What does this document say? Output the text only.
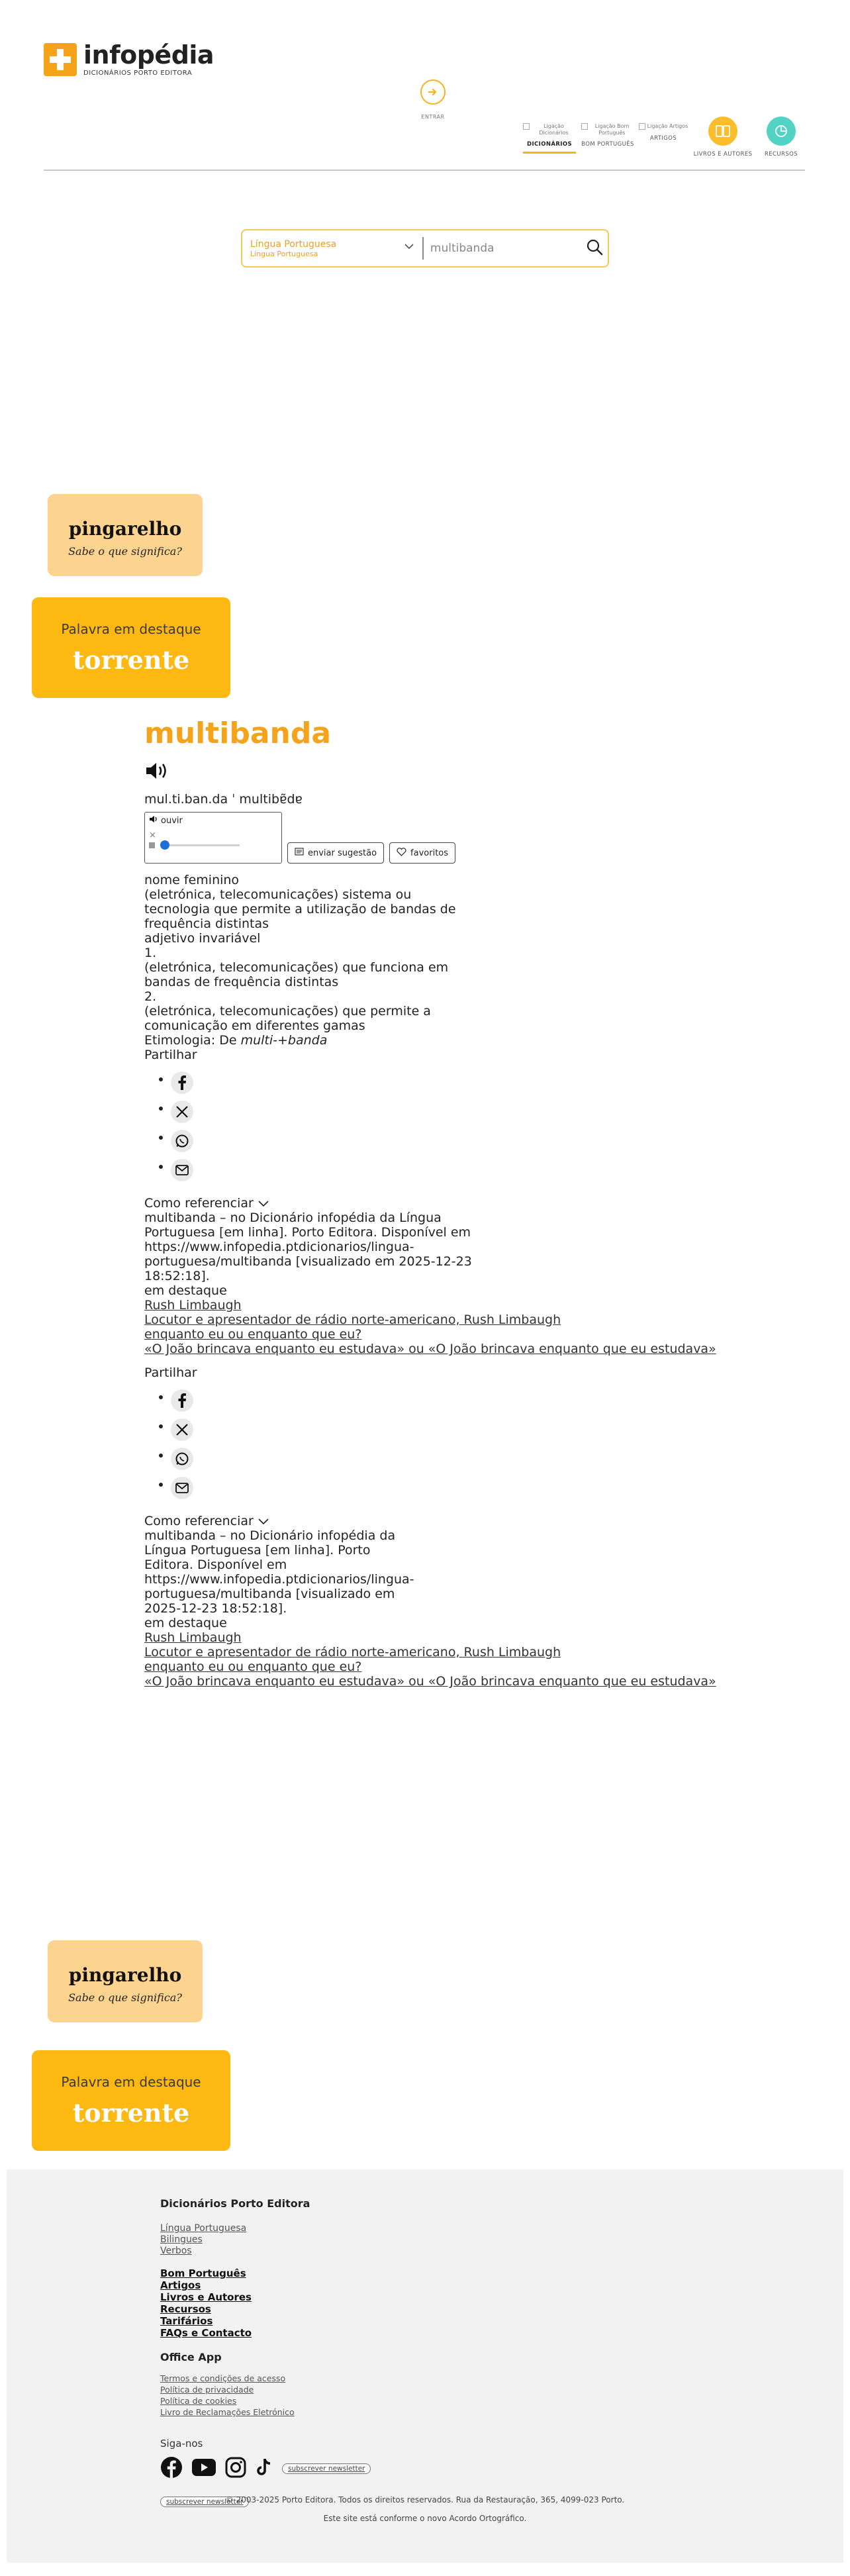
infopédia
DICIONÁRIOS PORTO EDITORA
ENTRAR
Ligação Dicionários
DICIONÁRIOS
Ligação Bom Português
BOM PORTUGUÊS
Ligação Artigos
ARTIGOS
LIVROS E AUTORES	RECURSOS
Língua Portuguesa
Língua Portuguesa
multibanda
pingarelho
Sabe o que significa?
Palavra em destaque
torrente
multibanda
mul.ti.ban.da ˈ multibɐ̃dɐ
ouvir
×
enviar sugestão	favoritos
nome feminino
(eletrónica, telecomunicações) sistema ou tecnologia que permite a utilização de bandas de frequência distintas
adjetivo invariável
1.
(eletrónica, telecomunicações) que funciona em bandas de frequência distintas
2.
(eletrónica, telecomunicações) que permite a comunicação em diferentes gamas
Etimologia: De multi-+banda
Partilhar
•
•
•
•
Como referenciar
multibanda – no Dicionário infopédia da Língua Portuguesa [em linha]. Porto Editora. Disponível em https://www.infopedia.ptdicionarios/lingua-portuguesa/multibanda [visualizado em 2025-12-23 18:52:18].
em destaque
Rush Limbaugh
Locutor e apresentador de rádio norte-americano, Rush Limbaugh
enquanto eu ou enquanto que eu?
«O João brincava enquanto eu estudava» ou «O João brincava enquanto que eu estudava»
Partilhar
•
•
•
•
Como referenciar
multibanda – no Dicionário infopédia da Língua Portuguesa [em linha]. Porto Editora. Disponível em https://www.infopedia.ptdicionarios/lingua-portuguesa/multibanda [visualizado em 2025-12-23 18:52:18].
em destaque
Rush Limbaugh
Locutor e apresentador de rádio norte-americano, Rush Limbaugh
enquanto eu ou enquanto que eu?
«O João brincava enquanto eu estudava» ou «O João brincava enquanto que eu estudava»
pingarelho
Sabe o que significa?
Palavra em destaque
torrente

Dicionários Porto Editora

Língua Portuguesa
Bilingues
Verbos
Bom Português
Artigos
Livros e Autores
Recursos
Tarifários
FAQs e Contacto

Office App

Termos e condições de acesso
Política de privacidade
Política de cookies
Livro de Reclamações Eletrónico
Siga-nos
subscrever newsletter
subscrever newsletter
© 2003-2025 Porto Editora. Todos os direitos reservados. Rua da Restauração, 365, 4099-023 Porto.
Este site está conforme o novo Acordo Ortográfico.
